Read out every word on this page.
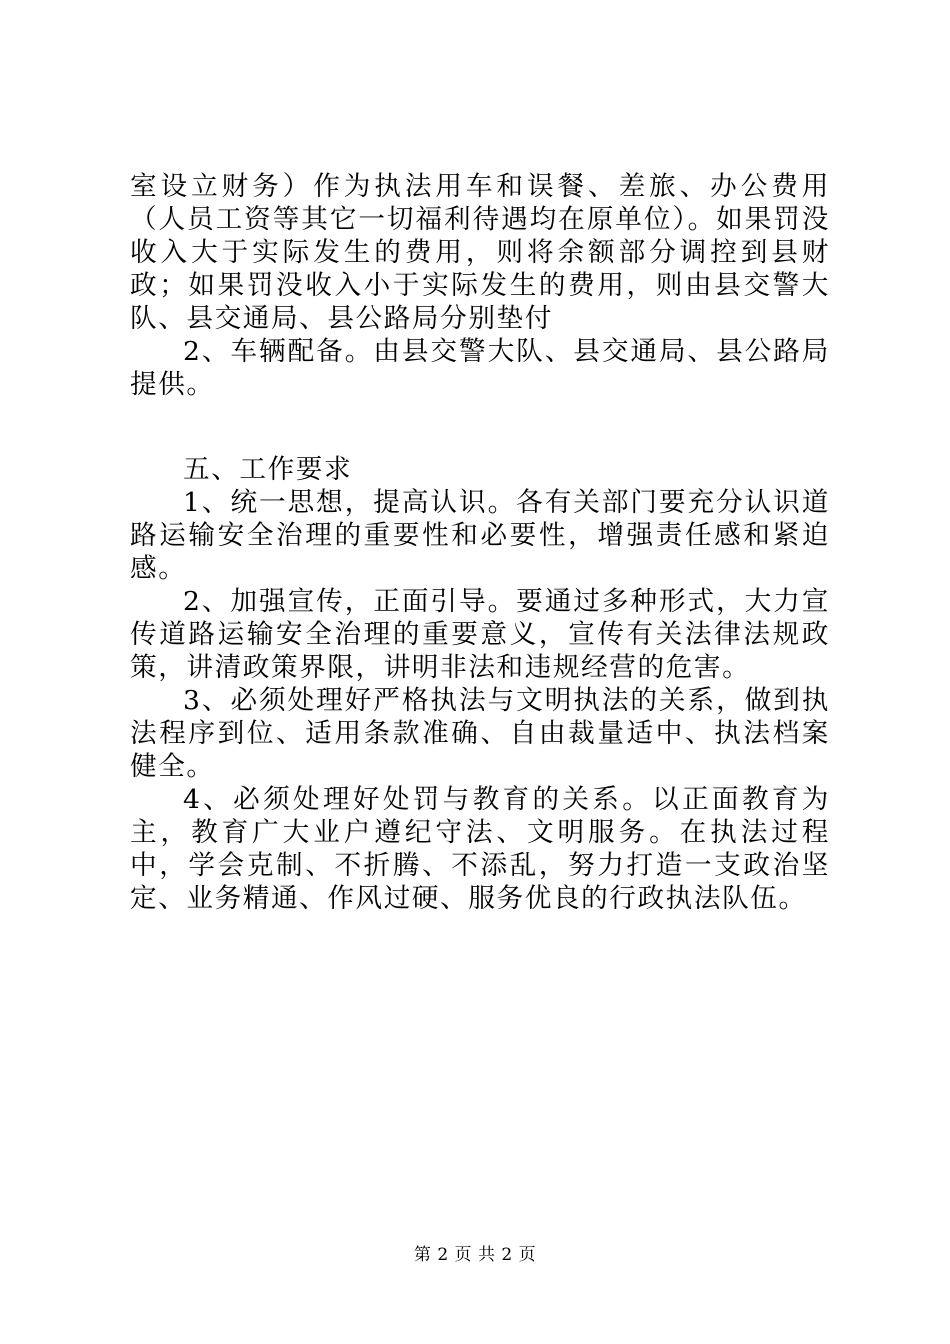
室设立财务）作为执法用车和误餐、差旅、办公费用（人员工资等其它一切福利待遇均在原单位）。如果罚没收入大于实际发生的费用，则将余额部分调控到县财政；如果罚没收入小于实际发生的费用，则由县交警大队、县交通局、县公路局分别垫付

2、车辆配备。由县交警大队、县交通局、县公路局提供。

五、工作要求

1、统一思想，提高认识。各有关部门要充分认识道路运输安全治理的重要性和必要性，增强责任感和紧迫感。

2、加强宣传，正面引导。要通过多种形式，大力宣传道路运输安全治理的重要意义，宣传有关法律法规政策，讲清政策界限，讲明非法和违规经营的危害。

3、必须处理好严格执法与文明执法的关系，做到执法程序到位、适用条款准确、自由裁量适中、执法档案健全。

4、必须处理好处罚与教育的关系。以正面教育为主，教育广大业户遵纪守法、文明服务。在执法过程中，学会克制、不折腾、不添乱，努力打造一支政治坚定、业务精通、作风过硬、服务优良的行政执法队伍。

第 2 页 共 2 页
